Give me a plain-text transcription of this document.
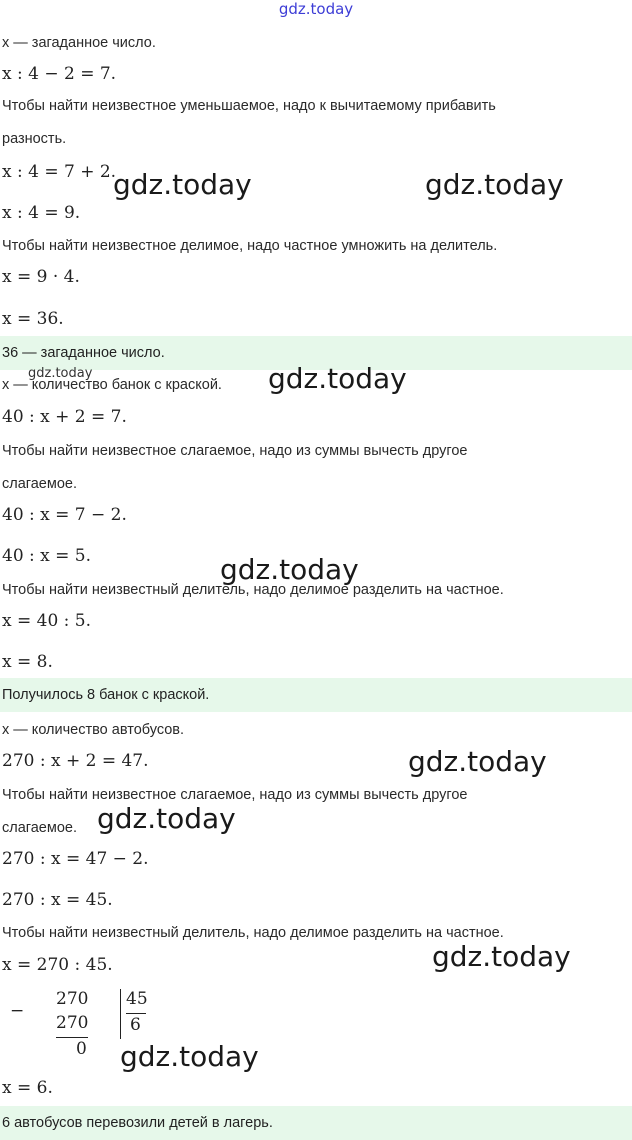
gdz.today
x — загаданное число.
x : 4 − 2 = 7.
Чтобы найти неизвестное уменьшаемое, надо к вычитаемому прибавить
разность.
x : 4 = 7 + 2.
x : 4 = 9.
Чтобы найти неизвестное делимое, надо частное умножить на делитель.
x = 9 · 4.
x = 36.
36 — загаданное число.
x — количество банок с краской.
40 : x + 2 = 7.
Чтобы найти неизвестное слагаемое, надо из суммы вычесть другое
слагаемое.
40 : x = 7 − 2.
40 : x = 5.
Чтобы найти неизвестный делитель, надо делимое разделить на частное.
x = 40 : 5.
x = 8.
Получилось 8 банок с краской.
x — количество автобусов.
270 : x + 2 = 47.
Чтобы найти неизвестное слагаемое, надо из суммы вычесть другое
слагаемое.
270 : x = 47 − 2.
270 : x = 45.
Чтобы найти неизвестный делитель, надо делимое разделить на частное.
x = 270 : 45.
x = 6.
6 автобусов перевозили детей в лагерь.
−
270
270
0
45
6
gdz.today	gdz.today
gdz.today	gdz.today
gdz.today
gdz.today
gdz.today
gdz.today
gdz.today
